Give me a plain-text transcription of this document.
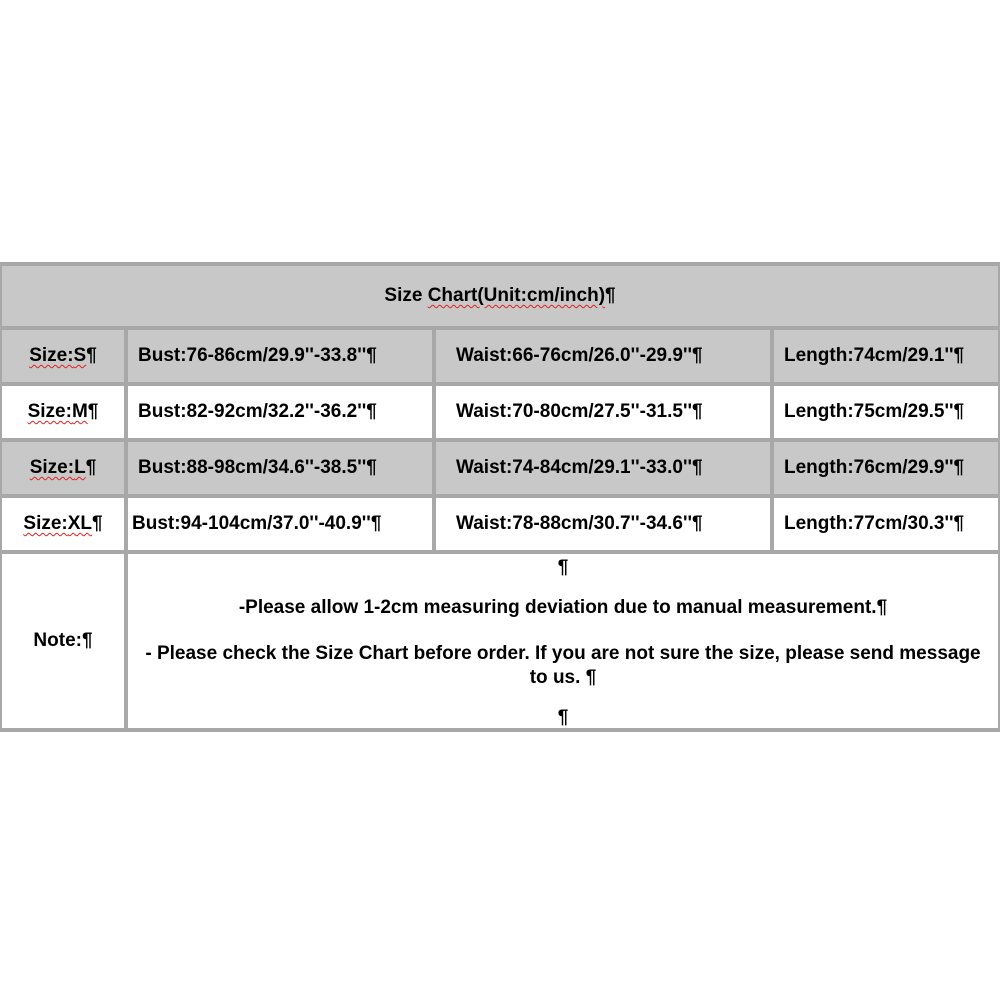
Size Chart(Unit:cm/inch) ¶
Size:S ¶ Bust:76-86cm/29.9''-33.8'' ¶	Waist:66-76cm/26.0''-29.9'' ¶	Length:74cm/29.1'' ¶
Size:M ¶ Bust:82-92cm/32.2''-36.2'' ¶	Waist:70-80cm/27.5''-31.5'' ¶	Length:75cm/29.5'' ¶
Size:L ¶ Bust:88-98cm/34.6''-38.5'' ¶	Waist:74-84cm/29.1''-33.0'' ¶	Length:76cm/29.9'' ¶
Size:XL ¶ Bust:94-104cm/37.0''-40.9'' ¶	Waist:78-88cm/30.7''-34.6'' ¶	Length:77cm/30.3'' ¶
Note: ¶
¶
-Please allow 1-2cm measuring deviation due to manual measurement.¶
- Please check the Size Chart before order. If you are not sure the size, please send message to us. ¶
¶
